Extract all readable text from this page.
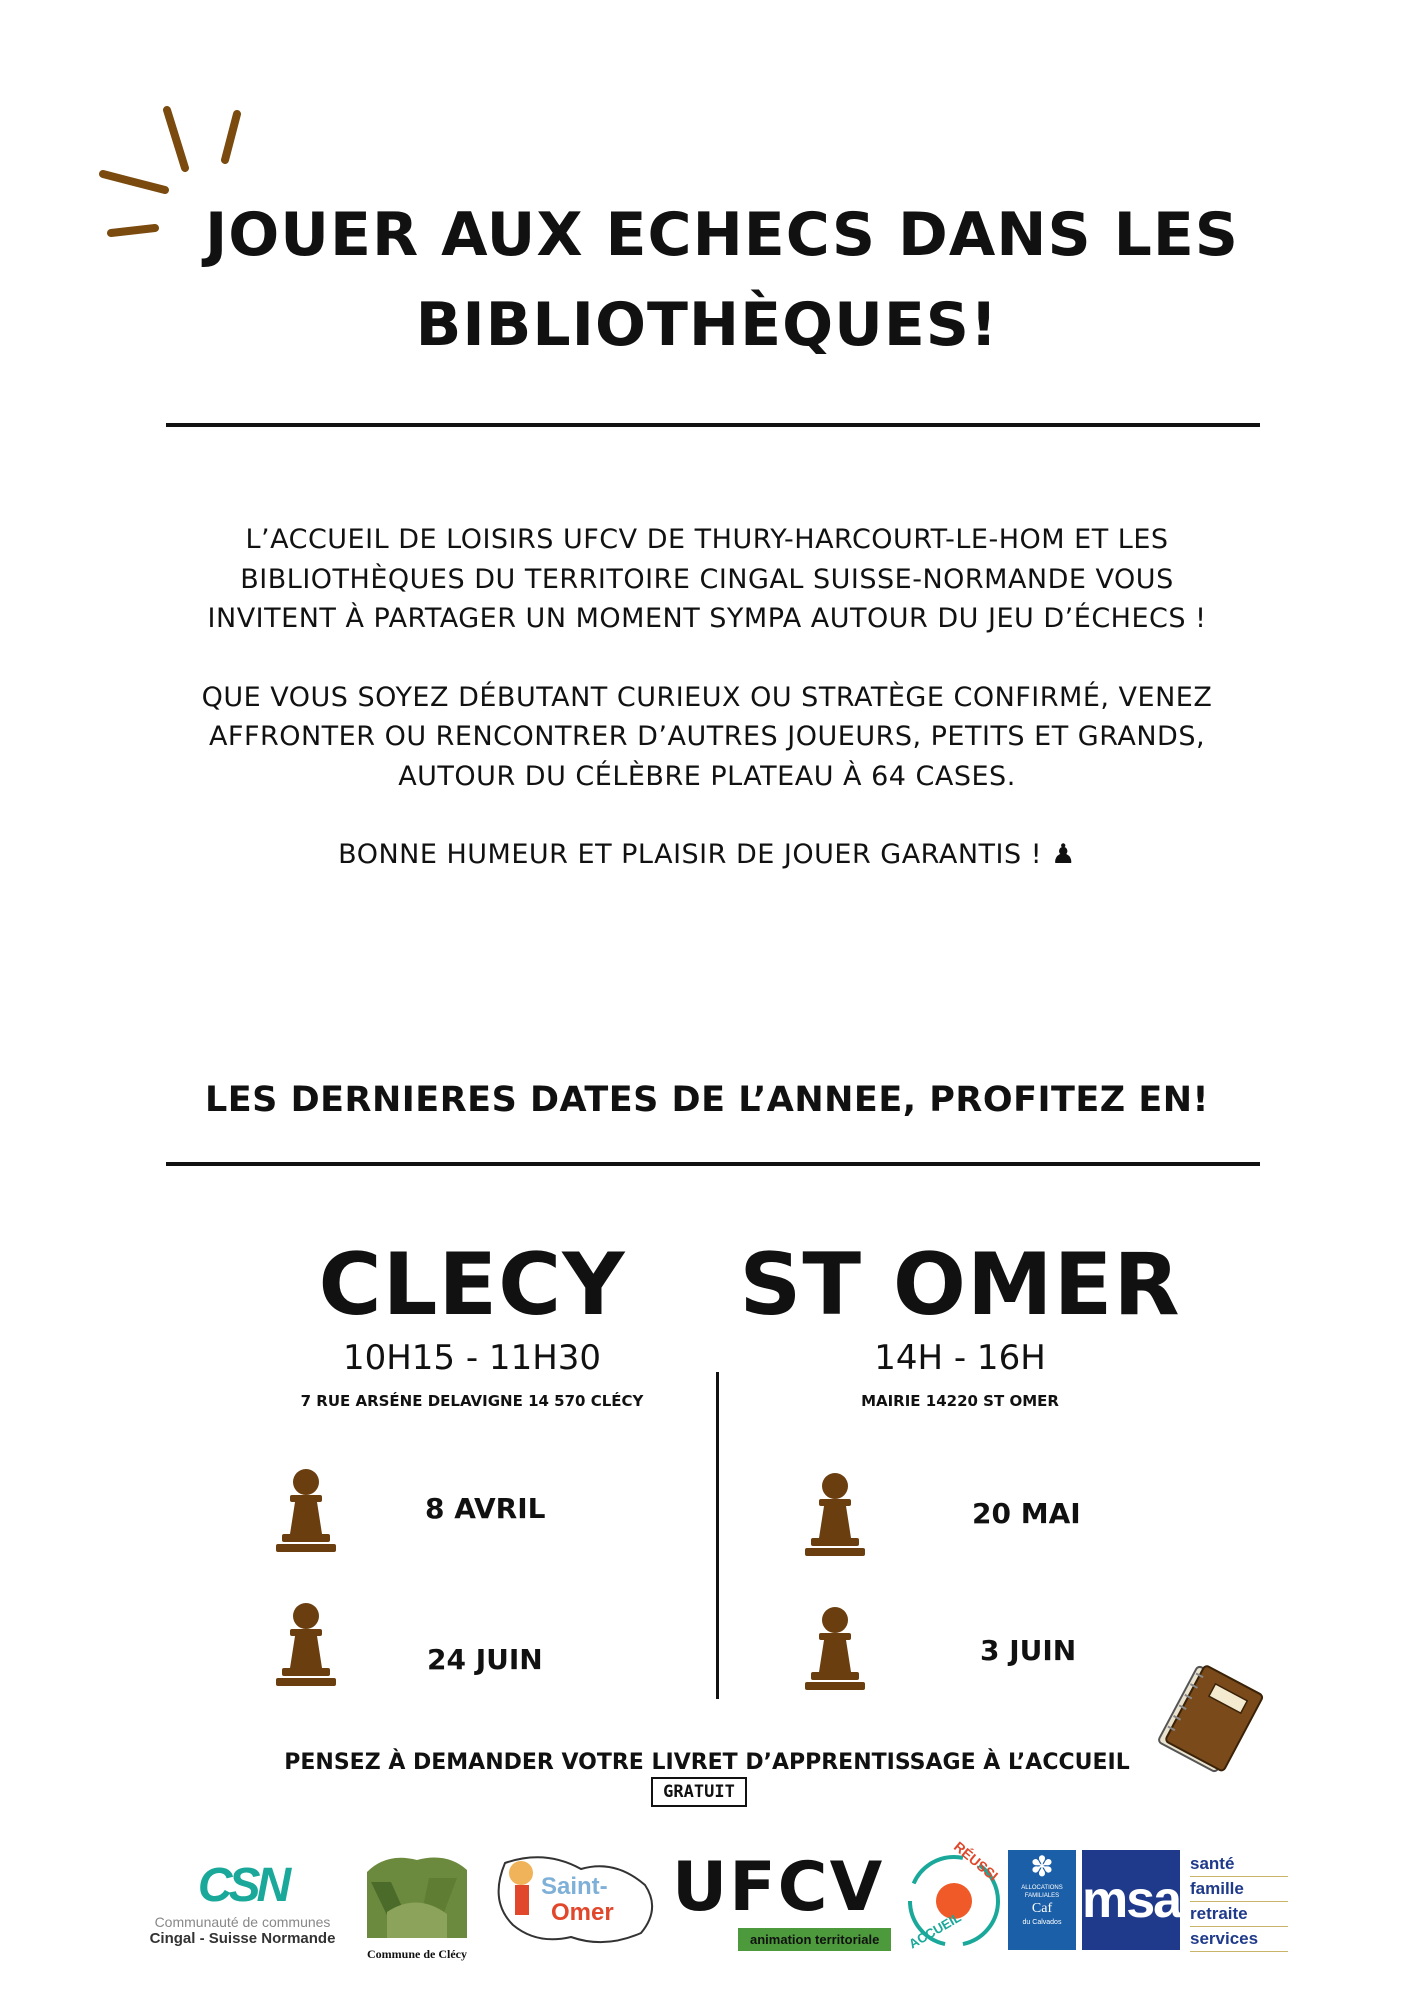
JOUER AUX ECHECS DANS LES
BIBLIOTHÈQUES!

L’ACCUEIL DE LOISIRS UFCV DE THURY-HARCOURT-LE-HOM ET LES
BIBLIOTHÈQUES DU TERRITOIRE CINGAL SUISSE-NORMANDE VOUS
INVITENT À PARTAGER UN MOMENT SYMPA AUTOUR DU JEU D’ÉCHECS !

QUE VOUS SOYEZ DÉBUTANT CURIEUX OU STRATÈGE CONFIRMÉ, VENEZ
AFFRONTER OU RENCONTRER D’AUTRES JOUEURS, PETITS ET GRANDS,
AUTOUR DU CÉLÈBRE PLATEAU À 64 CASES.

BONNE HUMEUR ET PLAISIR DE JOUER GARANTIS ! ♟

LES DERNIERES DATES DE L’ANNEE, PROFITEZ EN!
CLECY
10H15 - 11H30
7 RUE ARSÉNE DELAVIGNE 14 570 CLÉCY
ST OMER
14H - 16H
MAIRIE 14220 ST OMER
8 AVRIL
24 JUIN
20 MAI
3 JUIN
PENSEZ À DEMANDER VOTRE LIVRET D’APPRENTISSAGE À L’ACCUEIL
GRATUIT
CSN
Communauté de communes
Cingal - Suisse Normande
Commune de Clécy
Saint-
Omer UFCV
animation territoriale
RÉUSSI
ACCUEIL
✽
ALLOCATIONS
FAMILIALES
Caf
du Calvados msa
santé
famille
retraite
services
